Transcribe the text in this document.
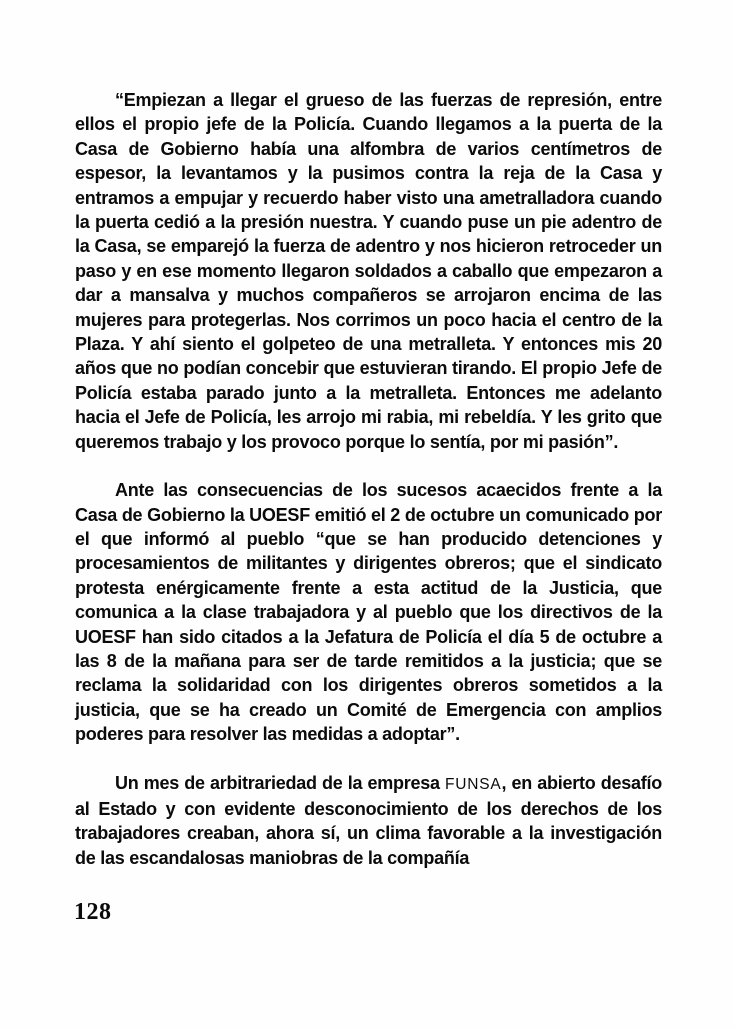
“Empiezan a llegar el grueso de las fuerzas de represión, entre ellos el propio jefe de la Policía. Cuando llegamos a la puerta de la Casa de Gobierno había una alfombra de varios centímetros de espesor, la levantamos y la pusimos contra la reja de la Casa y entramos a empujar y recuerdo haber visto una ametralladora cuando la puerta cedió a la presión nuestra. Y cuando puse un pie adentro de la Casa, se emparejó la fuerza de adentro y nos hicieron retroceder un paso y en ese momento llegaron soldados a caballo que empezaron a dar a mansalva y muchos compañeros se arrojaron encima de las mujeres para protegerlas. Nos corrimos un poco hacia el centro de la Plaza. Y ahí siento el golpeteo de una metralleta. Y entonces mis 20 años que no podían concebir que estuvieran tirando. El propio Jefe de Policía estaba parado junto a la metralleta. Entonces me adelanto hacia el Jefe de Policía, les arrojo mi rabia, mi rebeldía. Y les grito que queremos trabajo y los provoco porque lo sentía, por mi pasión”.

Ante las consecuencias de los sucesos acaecidos frente a la Casa de Gobierno la UOESF emitió el 2 de octubre un comunicado por el que informó al pueblo “que se han producido detenciones y procesamientos de militantes y dirigentes obreros; que el sindicato protesta enérgicamente frente a esta actitud de la Justicia, que comunica a la clase trabajadora y al pueblo que los directivos de la UOESF han sido citados a la Jefatura de Policía el día 5 de octubre a las 8 de la mañana para ser de tarde remitidos a la justicia; que se reclama la solidaridad con los dirigentes obreros sometidos a la justicia, que se ha creado un Comité de Emergencia con amplios poderes para resolver las medidas a adoptar”.

Un mes de arbitrariedad de la empresa FUNSA, en abierto desafío al Estado y con evidente desconocimiento de los derechos de los trabajadores creaban, ahora sí, un clima favorable a la investigación de las escandalosas maniobras de la compañía

128
